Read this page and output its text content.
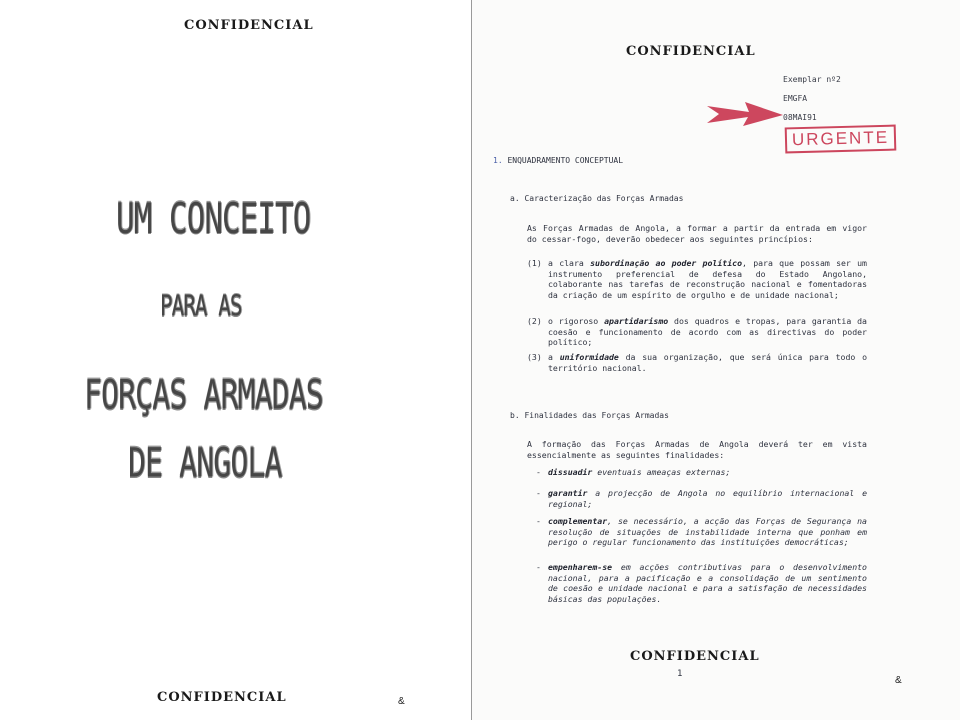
CONFIDENCIAL
UM CONCEITO
PARA AS
FORÇAS ARMADAS
DE ANGOLA
CONFIDENCIAL	&
CONFIDENCIAL
Exemplar nº2
EMGFA
08MAI91
URGENTE
1. ENQUADRAMENTO CONCEPTUAL
a. Caracterização das Forças Armadas

As Forças Armadas de Angola, a formar a partir da entrada em vigor do cessar-fogo, deverão obedecer aos seguintes princípios:

(1) a clara subordinação ao poder político, para que possam ser um instrumento preferencial de defesa do Estado Angolano, colaborante nas tarefas de reconstrução nacional e fomentadoras da criação de um espírito de orgulho e de unidade nacional;
(2) o rigoroso apartidarismo dos quadros e tropas, para garantia da coesão e funcionamento de acordo com as directivas do poder político;
(3) a uniformidade da sua organização, que será única para todo o território nacional.
b. Finalidades das Forças Armadas

A formação das Forças Armadas de Angola deverá ter em vista essencialmente as seguintes finalidades:

- dissuadir eventuais ameaças externas;
- garantir a projecção de Angola no equilíbrio internacional e regional;
- complementar, se necessário, a acção das Forças de Segurança na resolução de situações de instabilidade interna que ponham em perigo o regular funcionamento das instituições democráticas;
- empenharem-se em acções contributivas para o desenvolvimento nacional, para a pacificação e a consolidação de um sentimento de coesão e unidade nacional e para a satisfação de necessidades básicas das populações.
CONFIDENCIAL
1
&
